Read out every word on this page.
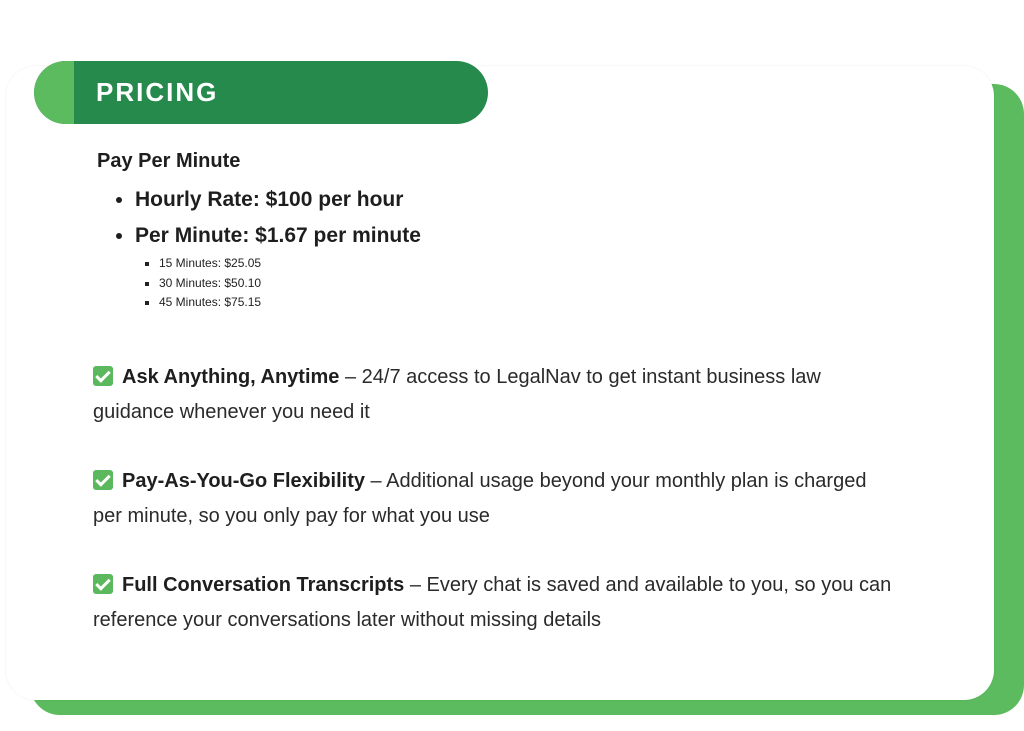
PRICING
Pay Per Minute
• Hourly Rate: $100 per hour
• Per Minute: $1.67 per minute
▪ 15 Minutes: $25.05
▪ 30 Minutes: $50.10
▪ 45 Minutes: $75.15

Ask Anything, Anytime – 24/7 access to LegalNav to get instant business law guidance whenever you need it

Pay-As-You-Go Flexibility – Additional usage beyond your monthly plan is charged per minute, so you only pay for what you use

Full Conversation Transcripts – Every chat is saved and available to you, so you can reference your conversations later without missing details
